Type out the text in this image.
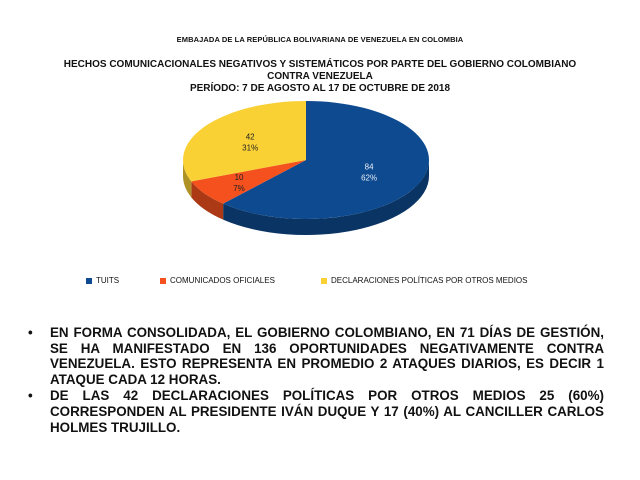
EMBAJADA DE LA REPÚBLICA BOLIVARIANA DE VENEZUELA EN COLOMBIA
HECHOS COMUNICACIONALES NEGATIVOS Y SISTEMÁTICOS POR PARTE DEL GOBIERNO COLOMBIANO
CONTRA VENEZUELA
PERÍODO: 7 DE AGOSTO AL 17 DE OCTUBRE DE 2018
84
62%
10
7%
42
31%
TUITS	COMUNICADOS OFICIALES	DECLARACIONES POLÍTICAS POR OTROS MEDIOS
• EN FORMA CONSOLIDADA, EL GOBIERNO COLOMBIANO, EN 71 DÍAS DE GESTIÓN, SE HA MANIFESTADO EN 136 OPORTUNIDADES NEGATIVAMENTE CONTRA VENEZUELA. ESTO REPRESENTA EN PROMEDIO 2 ATAQUES DIARIOS, ES DECIR 1 ATAQUE CADA 12 HORAS.
• DE LAS 42 DECLARACIONES POLÍTICAS POR OTROS MEDIOS 25 (60%) CORRESPONDEN AL PRESIDENTE IVÁN DUQUE Y 17 (40%) AL CANCILLER CARLOS HOLMES TRUJILLO.
